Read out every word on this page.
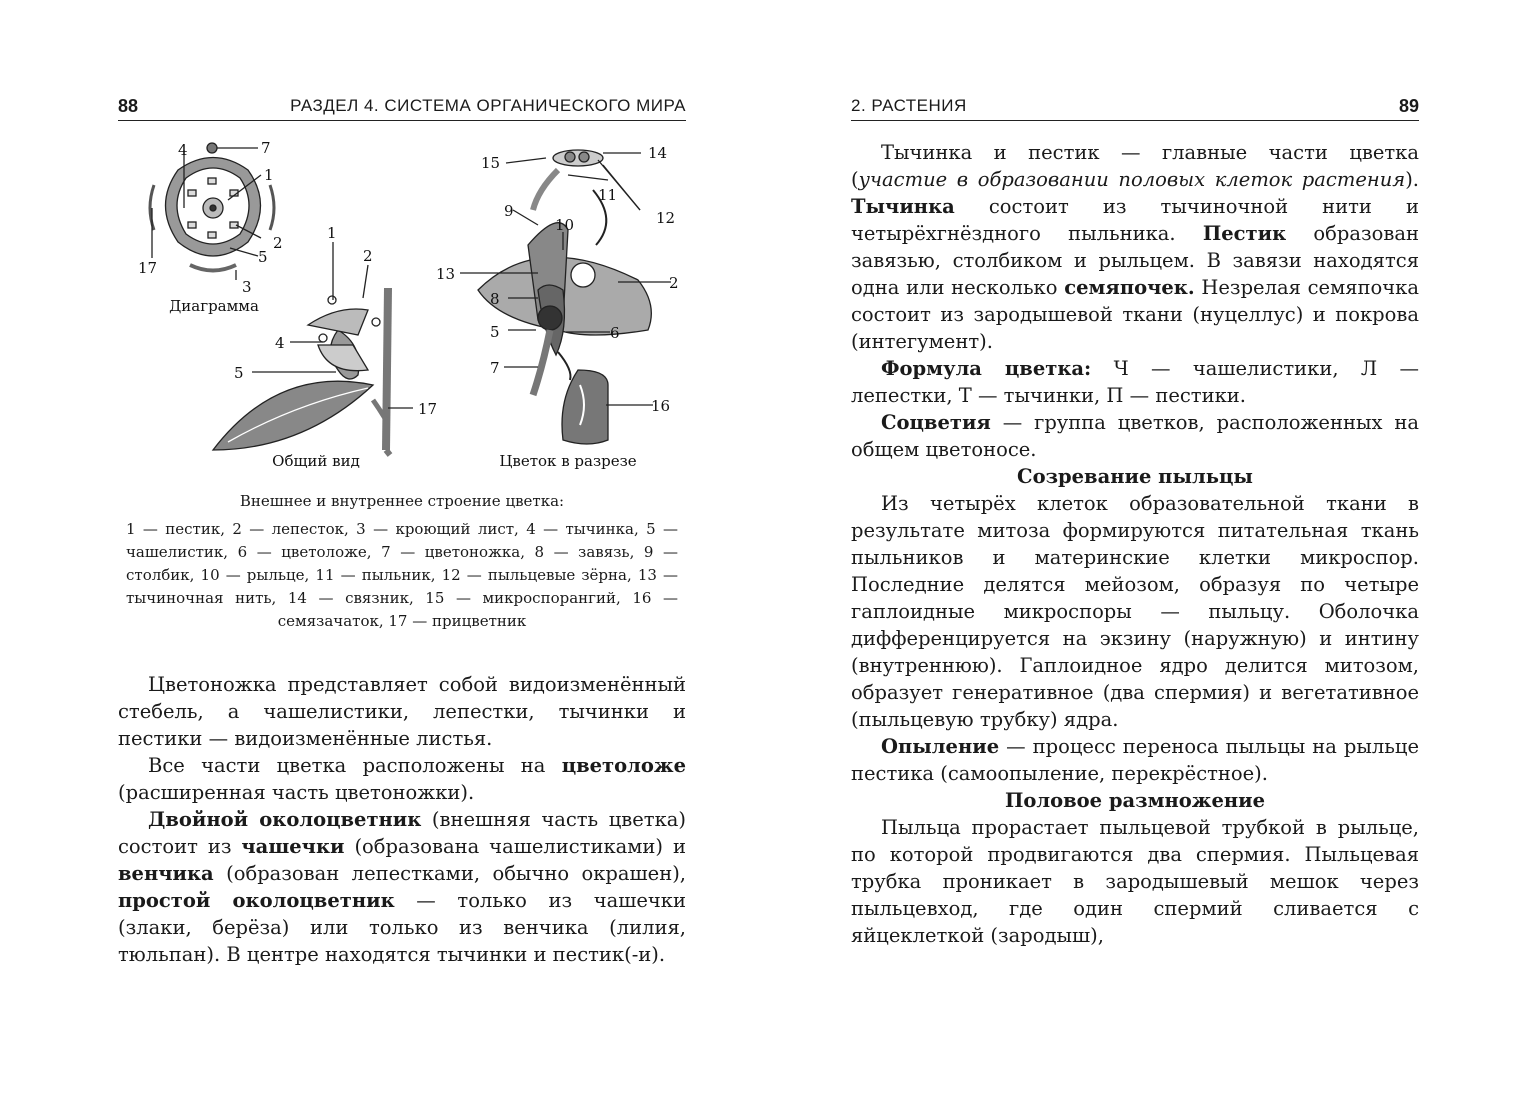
88	РАЗДЕЛ 4. СИСТЕМА ОРГАНИЧЕСКОГО МИРА
7
4
1
2
5
17
3
1
2
4
5
17
15
14
11
12
9
10
13	2
8
5	6
7
16
Диаграмма
Общий вид	Цветок в разрезе
Внешнее и внутреннее строение цветка:
1 — пестик, 2 — лепесток, 3 — кроющий лист, 4 — тычинка, 5 — чашелистик, 6 — цветоложе, 7 — цветоножка, 8 — завязь, 9 — столбик, 10 — рыльце, 11 — пыльник, 12 — пыльцевые зёрна, 13 — тычиночная нить, 14 — связник, 15 — микроспорангий, 16 — семязачаток, 17 — прицветник

Цветоножка представляет собой видоизменённый стебель, а чашелистики, лепестки, тычинки и пестики — видоизменённые листья.

Все части цветка расположены на цветоложе (расширенная часть цветоножки).

Двойной околоцветник (внешняя часть цветка) состоит из чашечки (образована чашелистиками) и венчика (образован лепестками, обычно окрашен), простой околоцветник — только из чашечки (злаки, берёза) или только из венчика (лилия, тюльпан). В центре находятся тычинки и пестик(-и).

2. РАСТЕНИЯ	89

Тычинка и пестик — главные части цветка (участие в образовании половых клеток растения). Тычинка состоит из тычиночной нити и четырёхгнёздного пыльника. Пестик образован завязью, столбиком и рыльцем. В завязи находятся одна или несколько семяпочек. Незрелая семяпочка состоит из зародышевой ткани (нуцеллус) и покрова (интегумент).

Формула цветка: Ч — чашелистики, Л — лепестки, Т — тычинки, П — пестики.

Соцветия — группа цветков, расположенных на общем цветоносе.

Созревание пыльцы

Из четырёх клеток образовательной ткани в результате митоза формируются питательная ткань пыльников и материнские клетки микроспор. Последние делятся мейозом, образуя по четыре гаплоидные микроспоры — пыльцу. Оболочка дифференцируется на экзину (наружную) и интину (внутреннюю). Гаплоидное ядро делится митозом, образует генеративное (два спермия) и вегетативное (пыльцевую трубку) ядра.

Опыление — процесс переноса пыльцы на рыльце пестика (самоопыление, перекрёстное).

Половое размножение

Пыльца прорастает пыльцевой трубкой в рыльце, по которой продвигаются два спермия. Пыльцевая трубка проникает в зародышевый мешок через пыльцевход, где один спермий сливается с яйцеклеткой (зародыш),
